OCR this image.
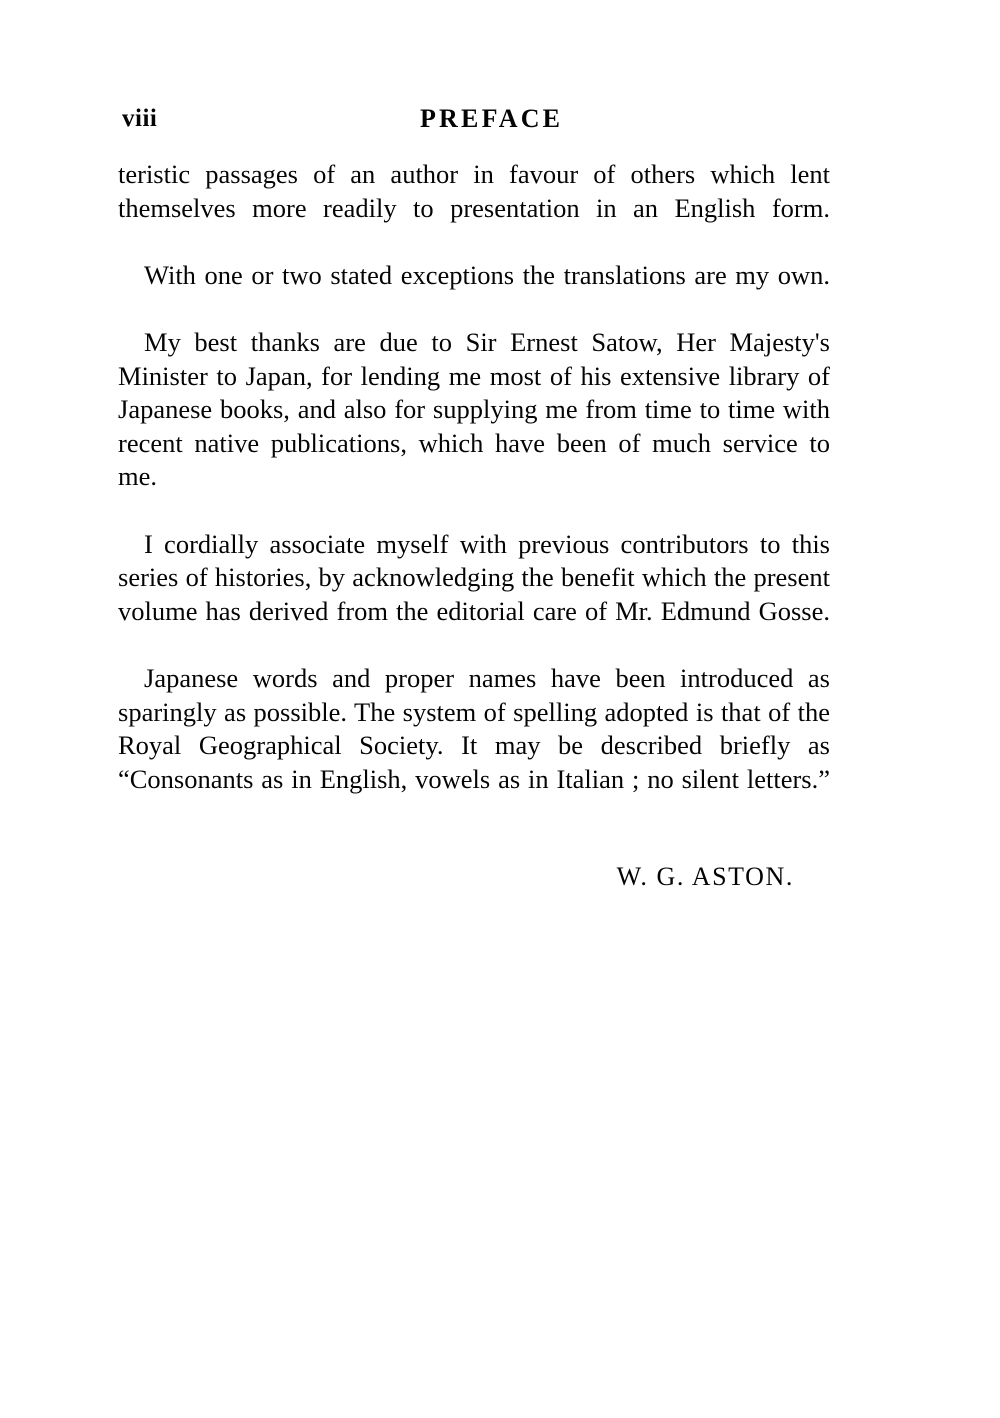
viii	PREFACE

teristic passages of an author in favour of others which lent themselves more readily to presentation in an English form.

With one or two stated exceptions the translations are my own.

My best thanks are due to Sir Ernest Satow, Her Majesty's Minister to Japan, for lending me most of his extensive library of Japanese books, and also for supplying me from time to time with recent native publications, which have been of much service to me.

I cordially associate myself with previous contributors to this series of histories, by acknowledging the benefit which the present volume has derived from the editorial care of Mr. Edmund Gosse.

Japanese words and proper names have been introduced as sparingly as possible. The system of spelling adopted is that of the Royal Geographical Society. It may be described briefly as “Consonants as in English, vowels as in Italian ; no silent letters.”

W. G. ASTON.
